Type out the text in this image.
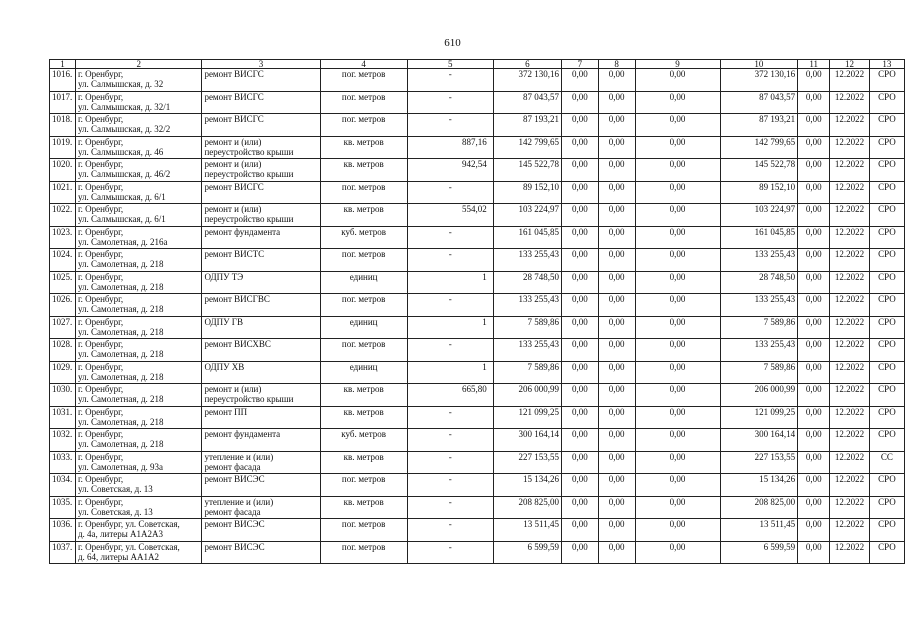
610
1	2	3	4	5	6	7	8	9	10	11	12	13
1016.	г. Оренбург,
ул. Салмышская, д. 32	ремонт ВИСГС	пог. метров	-	372 130,16	0,00	0,00	0,00	372 130,16	0,00	12.2022	СРО
1017.	г. Оренбург,
ул. Салмышская, д. 32/1	ремонт ВИСГС	пог. метров	-	87 043,57	0,00	0,00	0,00	87 043,57	0,00	12.2022	СРО
1018.	г. Оренбург,
ул. Салмышская, д. 32/2	ремонт ВИСГС	пог. метров	-	87 193,21	0,00	0,00	0,00	87 193,21	0,00	12.2022	СРО
1019.	г. Оренбург,
ул. Салмышская, д. 46	ремонт и (или)
переустройство крыши	кв. метров	887,16	142 799,65	0,00	0,00	0,00	142 799,65	0,00	12.2022	СРО
1020.	г. Оренбург,
ул. Салмышская, д. 46/2	ремонт и (или)
переустройство крыши	кв. метров	942,54	145 522,78	0,00	0,00	0,00	145 522,78	0,00	12.2022	СРО
1021.	г. Оренбург,
ул. Салмышская, д. 6/1	ремонт ВИСГС	пог. метров	-	89 152,10	0,00	0,00	0,00	89 152,10	0,00	12.2022	СРО
1022.	г. Оренбург,
ул. Салмышская, д. 6/1	ремонт и (или)
переустройство крыши	кв. метров	554,02	103 224,97	0,00	0,00	0,00	103 224,97	0,00	12.2022	СРО
1023.	г. Оренбург,
ул. Самолетная, д. 216а	ремонт фундамента	куб. метров	-	161 045,85	0,00	0,00	0,00	161 045,85	0,00	12.2022	СРО
1024.	г. Оренбург,
ул. Самолетная, д. 218	ремонт ВИСТС	пог. метров	-	133 255,43	0,00	0,00	0,00	133 255,43	0,00	12.2022	СРО
1025.	г. Оренбург,
ул. Самолетная, д. 218	ОДПУ ТЭ	единиц	1	28 748,50	0,00	0,00	0,00	28 748,50	0,00	12.2022	СРО
1026.	г. Оренбург,
ул. Самолетная, д. 218	ремонт ВИСГВС	пог. метров	-	133 255,43	0,00	0,00	0,00	133 255,43	0,00	12.2022	СРО
1027.	г. Оренбург,
ул. Самолетная, д. 218	ОДПУ ГВ	единиц	1	7 589,86	0,00	0,00	0,00	7 589,86	0,00	12.2022	СРО
1028.	г. Оренбург,
ул. Самолетная, д. 218	ремонт ВИСХВС	пог. метров	-	133 255,43	0,00	0,00	0,00	133 255,43	0,00	12.2022	СРО
1029.	г. Оренбург,
ул. Самолетная, д. 218	ОДПУ ХВ	единиц	1	7 589,86	0,00	0,00	0,00	7 589,86	0,00	12.2022	СРО
1030.	г. Оренбург,
ул. Самолетная, д. 218	ремонт и (или)
переустройство крыши	кв. метров	665,80	206 000,99	0,00	0,00	0,00	206 000,99	0,00	12.2022	СРО
1031.	г. Оренбург,
ул. Самолетная, д. 218	ремонт ПП	кв. метров	-	121 099,25	0,00	0,00	0,00	121 099,25	0,00	12.2022	СРО
1032.	г. Оренбург,
ул. Самолетная, д. 218	ремонт фундамента	куб. метров	-	300 164,14	0,00	0,00	0,00	300 164,14	0,00	12.2022	СРО
1033.	г. Оренбург,
ул. Самолетная, д. 93а	утепление и (или)
ремонт фасада	кв. метров	-	227 153,55	0,00	0,00	0,00	227 153,55	0,00	12.2022	СС
1034.	г. Оренбург,
ул. Советская, д. 13	ремонт ВИСЭС	пог. метров	-	15 134,26	0,00	0,00	0,00	15 134,26	0,00	12.2022	СРО
1035.	г. Оренбург,
ул. Советская, д. 13	утепление и (или)
ремонт фасада	кв. метров	-	208 825,00	0,00	0,00	0,00	208 825,00	0,00	12.2022	СРО
1036.	г. Оренбург, ул. Советская,
д. 4а, литеры А1А2А3	ремонт ВИСЭС	пог. метров	-	13 511,45	0,00	0,00	0,00	13 511,45	0,00	12.2022	СРО
1037.	г. Оренбург, ул. Советская,
д. 64, литеры АА1А2	ремонт ВИСЭС	пог. метров	-	6 599,59	0,00	0,00	0,00	6 599,59	0,00	12.2022	СРО
